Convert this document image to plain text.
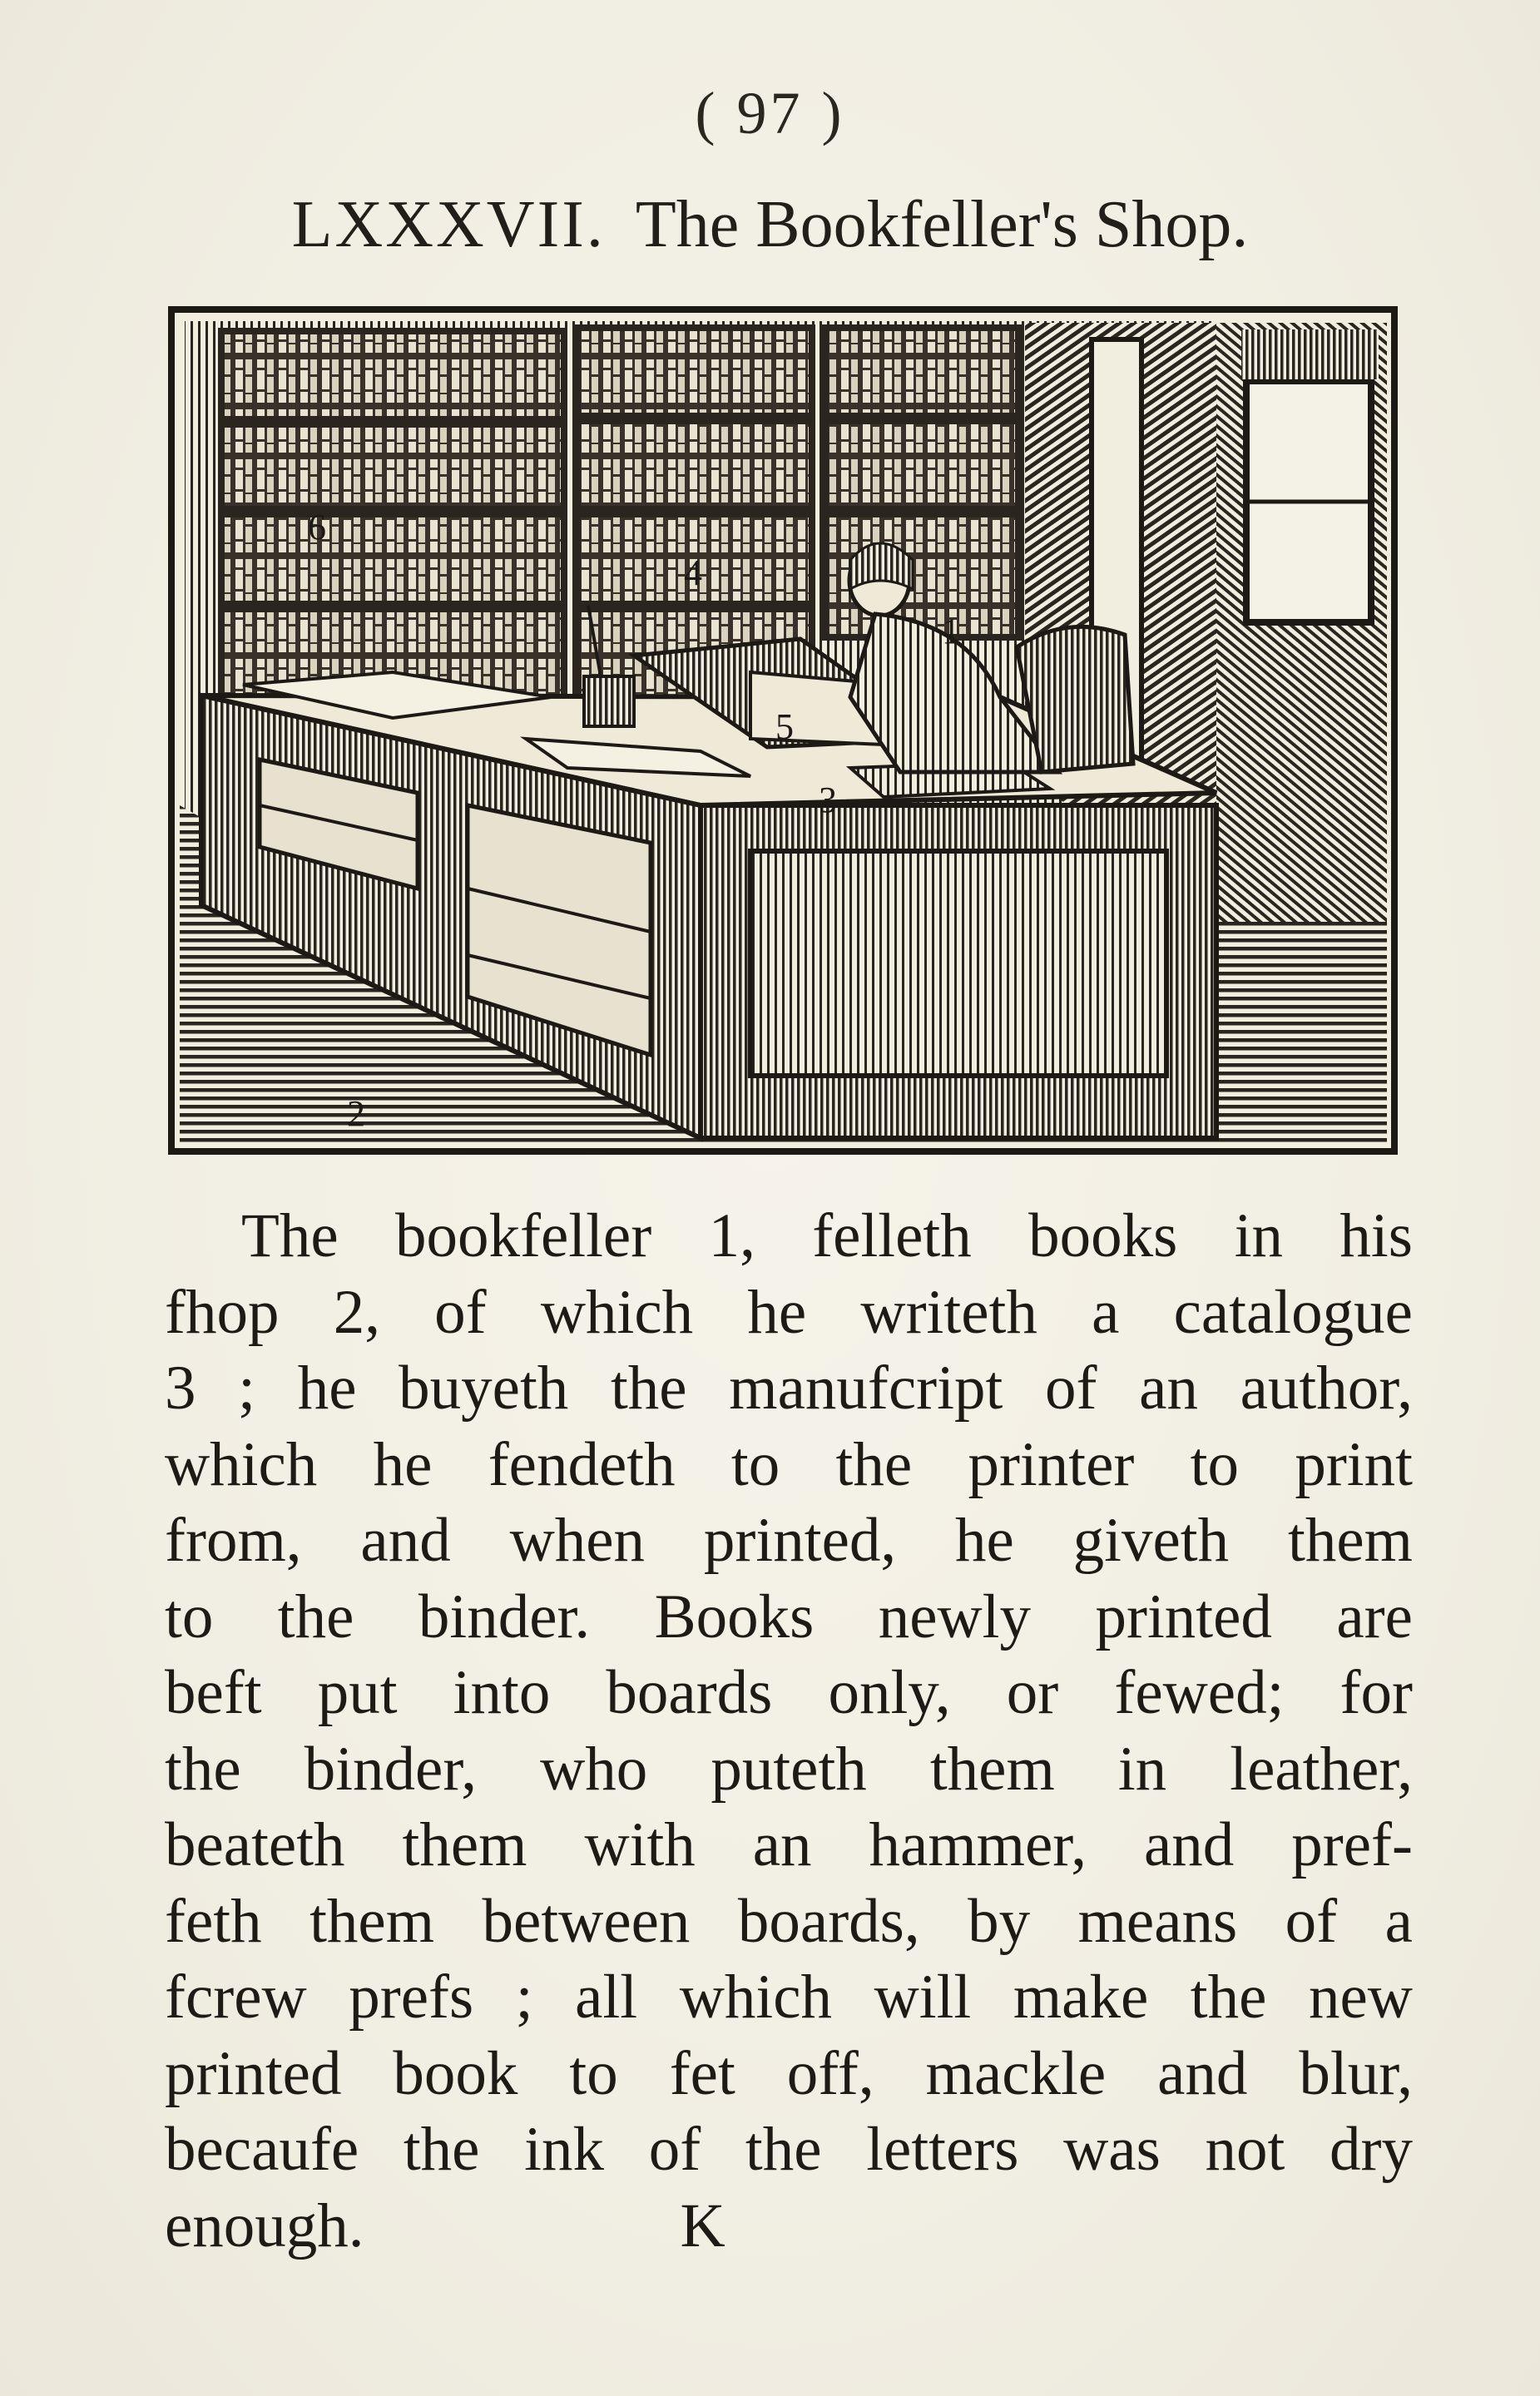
( 97 )
LXXXVII. The Bookfeller's Shop.
1
2
3
4
5
6
The bookfeller 1, felleth books in his
fhop 2, of which he writeth a catalogue
3 ; he buyeth the manufcript of an author,
which he fendeth to the printer to print
from, and when printed, he giveth them
to the binder. Books newly printed are
beft put into boards only, or fewed; for
the binder, who puteth them in leather,
beateth them with an hammer, and pref-
feth them between boards, by means of a
fcrew prefs ; all which will make the new
printed book to fet off, mackle and blur,
becaufe the ink of the letters was not dry
enough.	K
